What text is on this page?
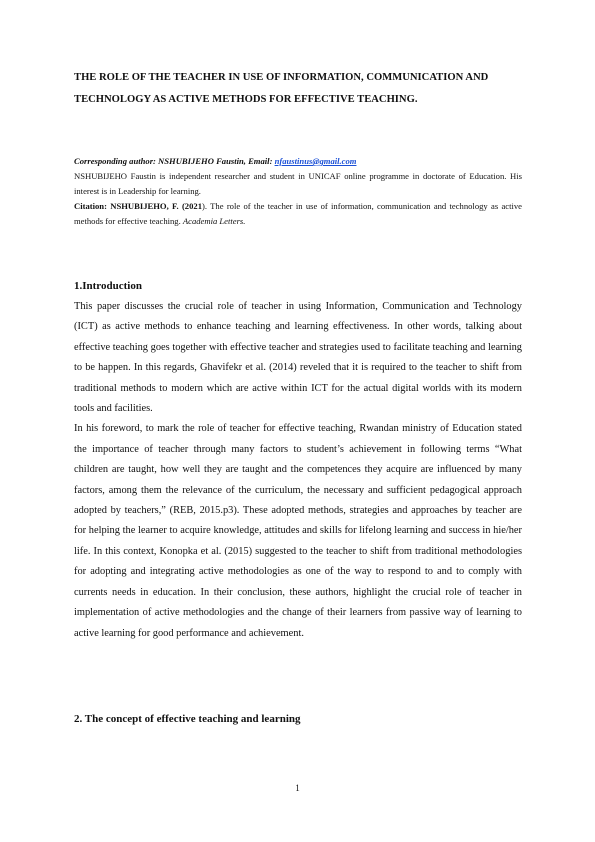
THE ROLE OF THE TEACHER IN USE OF INFORMATION, COMMUNICATION AND TECHNOLOGY AS ACTIVE METHODS FOR EFFECTIVE TEACHING.

Corresponding author: NSHUBIJEHO Faustin, Email: nfaustinus@gmail.com

NSHUBIJEHO Faustin is independent researcher and student in UNICAF online programme in doctorate of Education. His interest is in Leadership for learning.

Citation: NSHUBIJEHO, F. (2021). The role of the teacher in use of information, communication and technology as active methods for effective teaching. Academia Letters.

1.Introduction

This paper discusses the crucial role of teacher in using Information, Communication and Technology (ICT) as active methods to enhance teaching and learning effectiveness. In other words, talking about effective teaching goes together with effective teacher and strategies used to facilitate teaching and learning to be happen. In this regards, Ghavifekr et al. (2014) reveled that it is required to the teacher to shift from traditional methods to modern which are active within ICT for the actual digital worlds with its modern tools and facilities.

In his foreword, to mark the role of teacher for effective teaching, Rwandan ministry of Education stated the importance of teacher through many factors to student’s achievement in following terms “What children are taught, how well they are taught and the competences they acquire are influenced by many factors, among them the relevance of the curriculum, the necessary and sufficient pedagogical approach adopted by teachers,” (REB, 2015.p3). These adopted methods, strategies and approaches by teacher are for helping the learner to acquire knowledge, attitudes and skills for lifelong learning and success in hie/her life. In this context, Konopka et al. (2015) suggested to the teacher to shift from traditional methodologies for adopting and integrating active methodologies as one of the way to respond to and to comply with currents needs in education. In their conclusion, these authors, highlight the crucial role of teacher in implementation of active methodologies and the change of their learners from passive way of learning to active learning for good performance and achievement.

2. The concept of effective teaching and learning
1
